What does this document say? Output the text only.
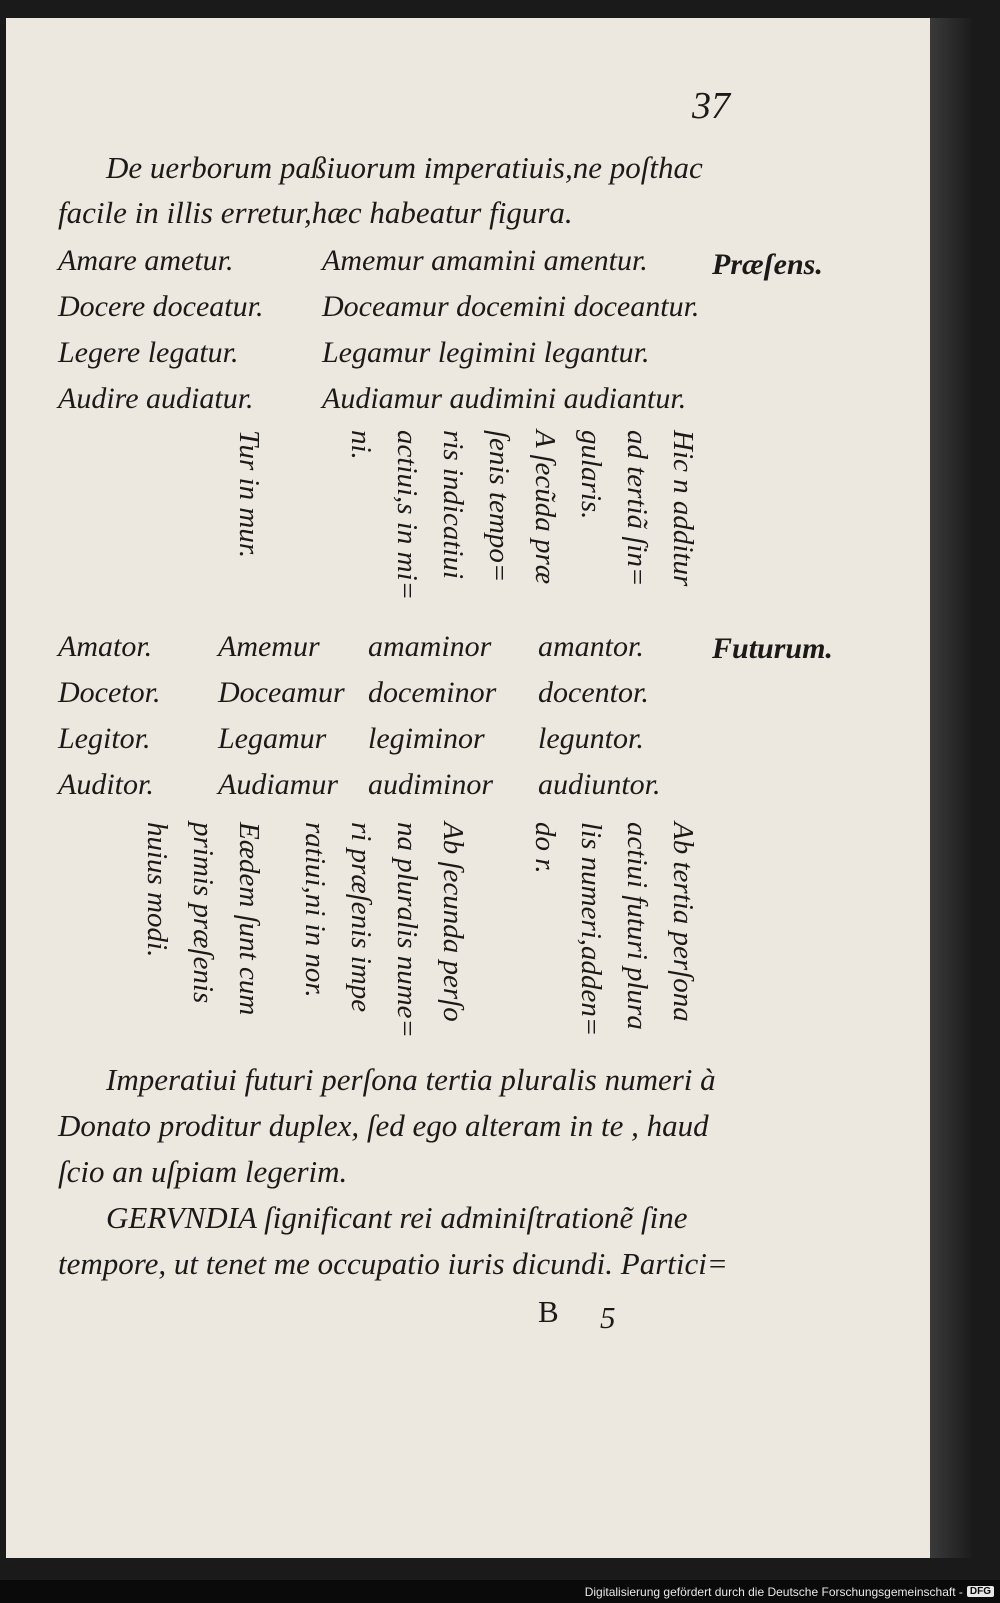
37
De uerborum paßiuorum imperatiuis,ne poſthac
facile in illis erretur,hæc habeatur figura.
Amare ametur.	Amemur amamini amentur.
Docere doceatur. Doceamur docemini doceantur.
Legere legatur.	Legamur legimini legantur.
Audire audiatur. Audiamur audimini audiantur.
Præſens.
Hic n additur
ad tertiã ſin=
gularis.
A ſecũda præ
ſenis tempo=
ris indicatiui
actiui,s in mi=
ni.
Tur in mur.
Amator. Amemur amaminor amantor.
Docetor. Doceamur doceminor docentor.
Legitor. Legamur legiminor leguntor.
Auditor. Audiamur audiminor audiuntor.
Futurum.
Ab tertia perſona
actiui futuri plura
lis numeri,adden=
do r.
Ab ſecunda perſo
na pluralis nume=
ri præſenis impe
ratiui,ni in nor.
Eædem ſunt cum
primis præſenis
huius modi.
Imperatiui futuri perſona tertia pluralis numeri à
Donato proditur duplex, ſed ego alteram in te , haud
ſcio an uſpiam legerim.
GERVNDIA ſignificant rei adminiſtrationẽ ſine
tempore, ut tenet me occupatio iuris dicundi. Partici=
B 5
Digitalisierung gefördert durch die Deutsche Forschungsgemeinschaft - DFG
